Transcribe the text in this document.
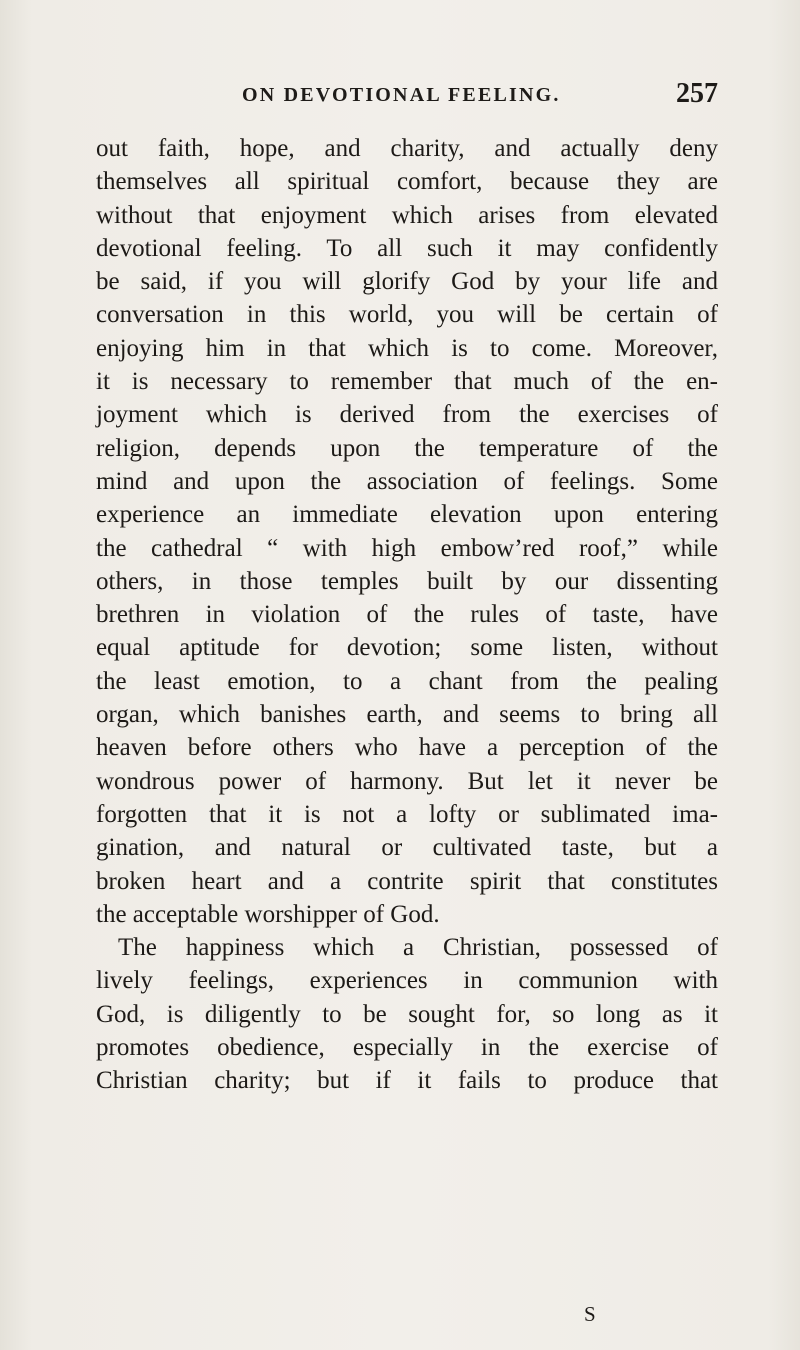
ON DEVOTIONAL FEELING.	257
out faith, hope, and charity, and actually deny
themselves all spiritual comfort, because they are
without that enjoyment which arises from elevated
devotional feeling. To all such it may confidently
be said, if you will glorify God by your life and
conversation in this world, you will be certain of
enjoying him in that which is to come. Moreover,
it is necessary to remember that much of the en-
joyment which is derived from the exercises of
religion, depends upon the temperature of the
mind and upon the association of feelings. Some
experience an immediate elevation upon entering
the cathedral “ with high embow’red roof,” while
others, in those temples built by our dissenting
brethren in violation of the rules of taste, have
equal aptitude for devotion; some listen, without
the least emotion, to a chant from the pealing
organ, which banishes earth, and seems to bring all
heaven before others who have a perception of the
wondrous power of harmony. But let it never be
forgotten that it is not a lofty or sublimated ima-
gination, and natural or cultivated taste, but a
broken heart and a contrite spirit that constitutes
the acceptable worshipper of God.
The happiness which a Christian, possessed of
lively feelings, experiences in communion with
God, is diligently to be sought for, so long as it
promotes obedience, especially in the exercise of
Christian charity; but if it fails to produce that
S
